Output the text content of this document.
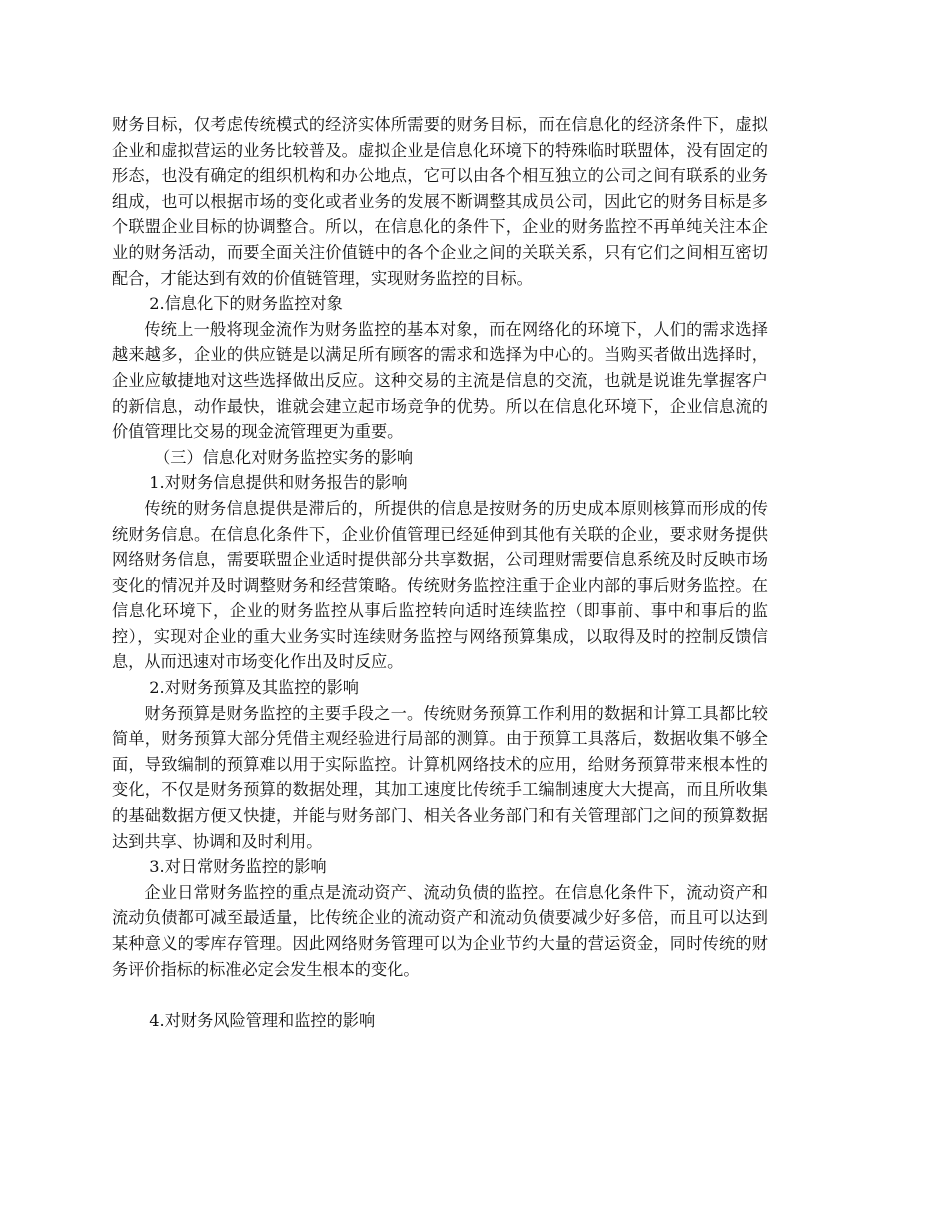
财务目标，仅考虑传统模式的经济实体所需要的财务目标，而在信息化的经济条件下，虚拟企业和虚拟营运的业务比较普及。虚拟企业是信息化环境下的特殊临时联盟体，没有固定的形态，也没有确定的组织机构和办公地点，它可以由各个相互独立的公司之间有联系的业务组成，也可以根据市场的变化或者业务的发展不断调整其成员公司，因此它的财务目标是多个联盟企业目标的协调整合。所以，在信息化的条件下，企业的财务监控不再单纯关注本企业的财务活动，而要全面关注价值链中的各个企业之间的关联关系，只有它们之间相互密切配合，才能达到有效的价值链管理，实现财务监控的目标。

2.信息化下的财务监控对象

传统上一般将现金流作为财务监控的基本对象，而在网络化的环境下，人们的需求选择越来越多，企业的供应链是以满足所有顾客的需求和选择为中心的。当购买者做出选择时，企业应敏捷地对这些选择做出反应。这种交易的主流是信息的交流，也就是说谁先掌握客户的新信息，动作最快，谁就会建立起市场竞争的优势。所以在信息化环境下，企业信息流的价值管理比交易的现金流管理更为重要。

（三）信息化对财务监控实务的影响

1.对财务信息提供和财务报告的影响

传统的财务信息提供是滞后的，所提供的信息是按财务的历史成本原则核算而形成的传统财务信息。在信息化条件下，企业价值管理已经延伸到其他有关联的企业，要求财务提供网络财务信息，需要联盟企业适时提供部分共享数据，公司理财需要信息系统及时反映市场变化的情况并及时调整财务和经营策略。传统财务监控注重于企业内部的事后财务监控。在信息化环境下，企业的财务监控从事后监控转向适时连续监控（即事前、事中和事后的监控），实现对企业的重大业务实时连续财务监控与网络预算集成，以取得及时的控制反馈信息，从而迅速对市场变化作出及时反应。

2.对财务预算及其监控的影响

财务预算是财务监控的主要手段之一。传统财务预算工作利用的数据和计算工具都比较简单，财务预算大部分凭借主观经验进行局部的测算。由于预算工具落后，数据收集不够全面，导致编制的预算难以用于实际监控。计算机网络技术的应用，给财务预算带来根本性的变化，不仅是财务预算的数据处理，其加工速度比传统手工编制速度大大提高，而且所收集的基础数据方便又快捷，并能与财务部门、相关各业务部门和有关管理部门之间的预算数据达到共享、协调和及时利用。

3.对日常财务监控的影响

企业日常财务监控的重点是流动资产、流动负债的监控。在信息化条件下，流动资产和流动负债都可减至最适量，比传统企业的流动资产和流动负债要减少好多倍，而且可以达到某种意义的零库存管理。因此网络财务管理可以为企业节约大量的营运资金，同时传统的财务评价指标的标准必定会发生根本的变化。

4.对财务风险管理和监控的影响
